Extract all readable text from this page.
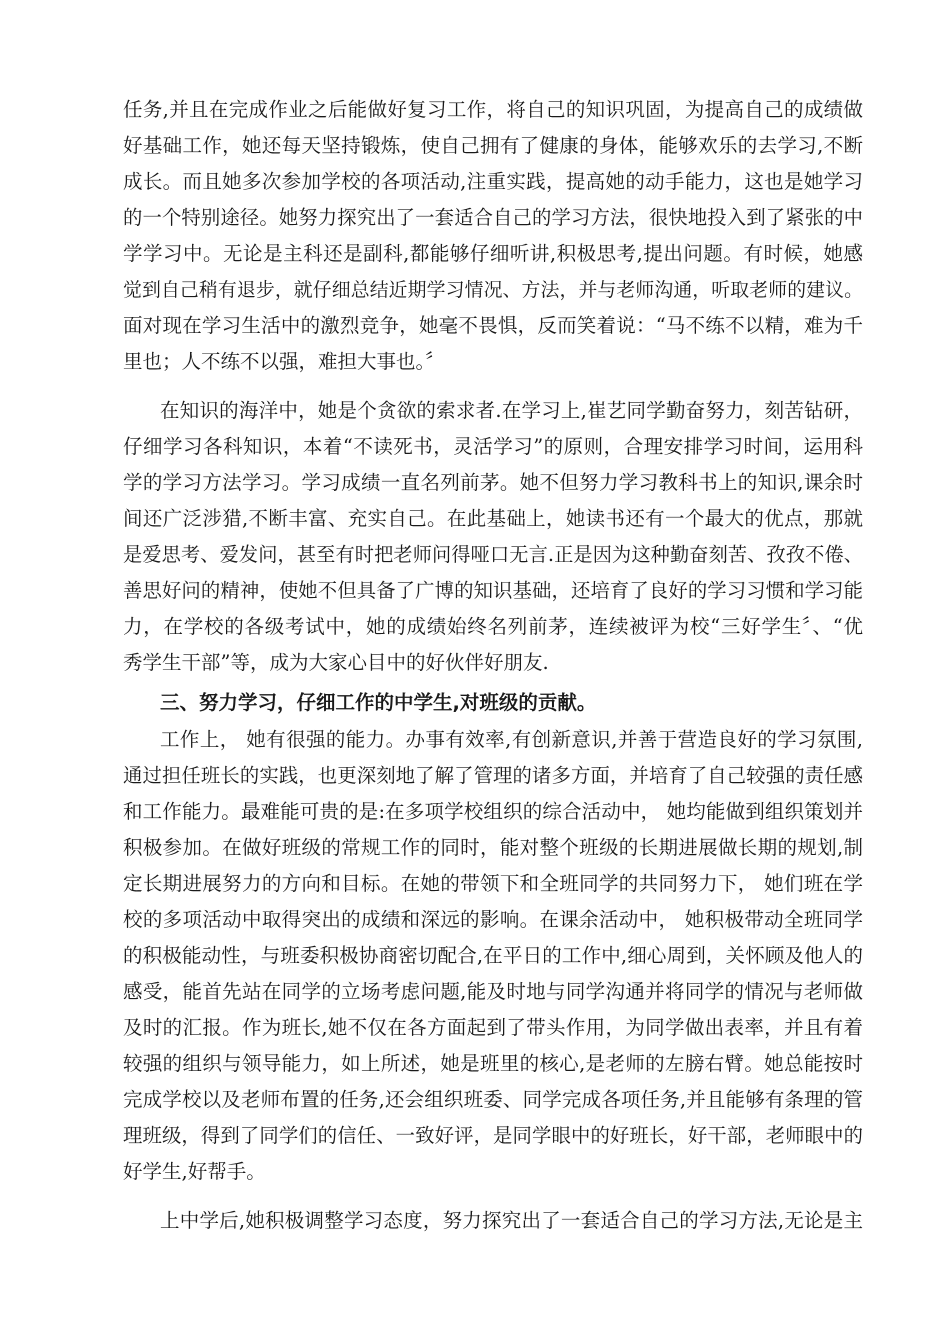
任务,并且在完成作业之后能做好复习工作，将自己的知识巩固，为提高自己的成绩做
好基础工作，她还每天坚持锻炼，使自己拥有了健康的身体，能够欢乐的去学习,不断
成长。而且她多次参加学校的各项活动,注重实践，提高她的动手能力，这也是她学习
的一个特别途径。她努力探究出了一套适合自己的学习方法，很快地投入到了紧张的中
学学习中。无论是主科还是副科,都能够仔细听讲,积极思考,提出问题。有时候，她感
觉到自己稍有退步，就仔细总结近期学习情况、方法，并与老师沟通，听取老师的建议。
面对现在学习生活中的激烈竞争，她毫不畏惧，反而笑着说：“马不练不以精，难为千
里也；人不练不以强，难担大事也。〞
在知识的海洋中，她是个贪欲的索求者.在学习上,崔艺同学勤奋努力，刻苦钻研，
仔细学习各科知识，本着“不读死书，灵活学习”的原则，合理安排学习时间，运用科
学的学习方法学习。学习成绩一直名列前茅。她不但努力学习教科书上的知识,课余时
间还广泛涉猎,不断丰富、充实自己。在此基础上，她读书还有一个最大的优点，那就
是爱思考、爱发问，甚至有时把老师问得哑口无言.正是因为这种勤奋刻苦、孜孜不倦、
善思好问的精神，使她不但具备了广博的知识基础，还培育了良好的学习习惯和学习能
力，在学校的各级考试中，她的成绩始终名列前茅，连续被评为校“三好学生〞、“优
秀学生干部”等，成为大家心目中的好伙伴好朋友.
三、努力学习，仔细工作的中学生,对班级的贡献。
工作上， 她有很强的能力。办事有效率,有创新意识,并善于营造良好的学习氛围,
通过担任班长的实践，也更深刻地了解了管理的诸多方面，并培育了自己较强的责任感
和工作能力。最难能可贵的是:在多项学校组织的综合活动中， 她均能做到组织策划并
积极参加。在做好班级的常规工作的同时，能对整个班级的长期进展做长期的规划,制
定长期进展努力的方向和目标。在她的带领下和全班同学的共同努力下， 她们班在学
校的多项活动中取得突出的成绩和深远的影响。在课余活动中， 她积极带动全班同学
的积极能动性，与班委积极协商密切配合,在平日的工作中,细心周到，关怀顾及他人的
感受，能首先站在同学的立场考虑问题,能及时地与同学沟通并将同学的情况与老师做
及时的汇报。作为班长,她不仅在各方面起到了带头作用，为同学做出表率，并且有着
较强的组织与领导能力，如上所述，她是班里的核心,是老师的左膀右臂。她总能按时
完成学校以及老师布置的任务,还会组织班委、同学完成各项任务,并且能够有条理的管
理班级，得到了同学们的信任、一致好评，是同学眼中的好班长，好干部，老师眼中的
好学生,好帮手。
上中学后,她积极调整学习态度，努力探究出了一套适合自己的学习方法,无论是主
